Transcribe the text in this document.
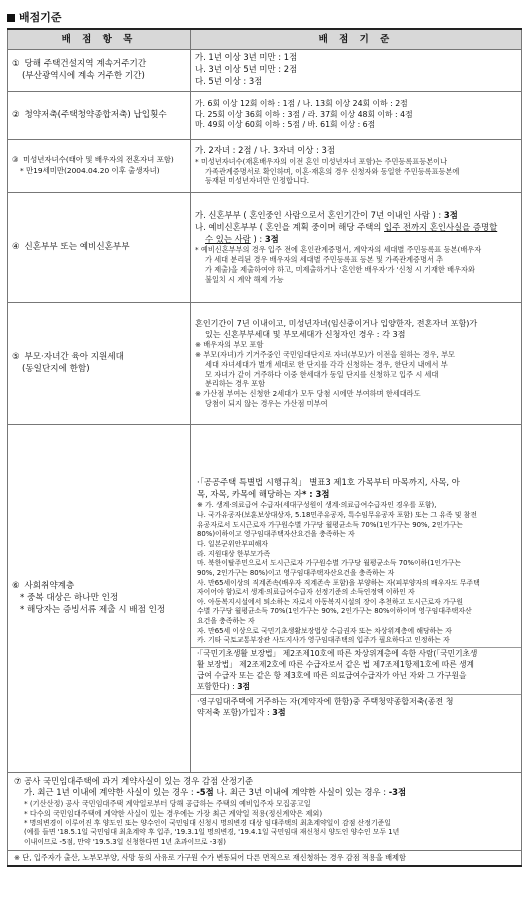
배점기준
배 점 항 목	배 점 기 준

① 당해 주택건설지역 계속거주기간
(부산광역시에 계속 거주한 기간)

가. 1년 이상 3년 미만 : 1점
나. 3년 이상 5년 미만 : 2점
다. 5년 이상 : 3점

② 청약저축(주택청약종합저축) 납입횟수	
가. 6회 이상 12회 이하 : 1점 / 나. 13회 이상 24회 이하 : 2점
다. 25회 이상 36회 이하 : 3점 / 라. 37회 이상 48회 이하 : 4점
마. 49회 이상 60회 이하 : 5점 / 바. 61회 이상 : 6점

③ 미성년자녀수(태아 및 배우자의 전혼자녀 포함)
* 만19세미만(2004.04.20 이후 출생자녀)

가. 2자녀 : 2점 / 나. 3자녀 이상 : 3점
* 미성년자녀수(재혼배우자의 이전 혼인 미성년자녀 포함)는 주민등록표등본이나
가족관계증명서로 확인하며, 이혼·재혼의 경우 신청자와 동일한 주민등록표등본에
등재된 미성년자녀만 인정합니다.

④ 신혼부부 또는 예비신혼부부	
가. 신혼부부 ( 혼인중인 사람으로서 혼인기간이 7년 이내인 사람 ) : 3점
나. 예비신혼부부 ( 혼인을 계획 중이며 해당 주택의 입주 전까지 혼인사실을 증명할
수 있는 사람 ) : 3점
* 예비신혼부부의 경우 입주 전에 혼인관계증명서, 계약자의 세대별 주민등록표 등본(배우자
가 세대 분리된 경우 배우자의 세대별 주민등록표 등본 및 가족관계증명서 추
가 제출)을 제출하여야 하고, 미제출하거나 '혼인한 배우자'가 '신청 시 기재한 배우자와
불일치 시 계약 해제 가능

⑤ 부모·자녀간 육아 지원세대
(동일단지에 한함)

혼인기간이 7년 이내이고, 미성년자녀(임신중이거나 입양한자, 전혼자녀 포함)가
있는 신혼부부세대 및 부모세대가 신청자인 경우 : 각 3점
※ 배우자의 부모 포함
※ 부모(자녀)가 기거주중인 국민임대단지로 자녀(부모)가 이전을 원하는 경우, 부모
세대 자녀세대가 별개 세대로 한 단지를 각각 신청하는 경우, 한단지 내에서 부
모 자녀가 같이 거주하다 이중 한세대가 동일 단지를 신청하고 입주 시 세대
분리하는 경우 포함
※ 가산점 부여는 신청한 2세대가 모두 당첨 시에만 부여하며 한세대라도
당첨이 되지 않는 경우는 가산점 미부여

⑥ 사회취약계층
* 중복 대상은 하나만 인정
* 해당자는 증빙서류 제출 시 배점 인정

·「공공주택 특별법 시행규칙」 별표3 제1호 가목부터 마목까지, 사목, 아
목, 자목, 카목에 해당하는 자* : 3점
※ 가. 생계·의료급여 수급자(세대구성원이 생계·의료급여수급자인 경우를 포함),
나. 국가유공자(보훈보상대상자, 5.18민주유공자, 특수임무유공자 포함) 또는 그 유족 및 참전
유공자로서 도시근로자 가구원수별 가구당 월평균소득 70%(1인가구는 90%, 2인가구는
80%)이하이고 영구임대주택자산요건을 충족하는 자
다. 일본군위안부피해자
라. 지원대상 한부모가족
마. 북한이탈주민으로서 도시근로자 가구원수별 가구당 월평균소득 70%이하(1인가구는
90%, 2인가구는 80%)이고 영구임대주택자산요건을 충족하는 자
사. 만65세이상의 직계존속(배우자 직계존속 포함)을 부양하는 자(피부양자의 배우자도 무주택
자이어야 함)로서 생계·의료급여수급자 선정기준의 소득인정액 이하인 자
아. 아동복지시설에서 퇴소하는 자로서 아동복지시설의 장이 추천하고 도시근로자 가구원
수별 가구당 월평균소득 70%(1인가구는 90%, 2인가구는 80%이하이며 영구임대주택자산
요건을 충족하는 자
자. 만65세 이상으로 국민기초생활보장법상 수급권자 또는 차상위계층에 해당하는 자
카. 기타 국토교통부장관 사도지사가 영구임대주택의 입주가 필요하다고 인정하는 자

·「국민기초생활 보장법」 제2조제10호에 따른 차상위계층에 속한 사람(「국민기초생
활 보장법」 제2조제2호에 따른 수급자로서 같은 법 제7조제1항제1호에 따른 생계
급여 수급자 또는 같은 항 제3호에 따른 의료급여수급자가 아닌 자와 그 가구원을
포함한다) : 3점

·영구임대주택에 거주하는 자(계약자에 한함)중 주택청약종합저축(종전 청
약저축 포함)가입자 : 3점

⑦ 공사 국민임대주택에 과거 계약사실이 있는 경우 감점 산정기준
가. 최근 1년 이내에 계약한 사실이 있는 경우 : -5점 나. 최근 3년 이내에 계약한 사실이 있는 경우 : -3점
* (기산산정) 공사 국민임대주택 계약일로부터 당해 공급하는 주택의 예비입주자 모집공고일
* 다수의 국민임대주택에 계약한 사실이 있는 경우에는 가장 최근 계약일 적용(정신계약은 제외)
* 명의변경이 이루어진 후 양도인 또는 양수인이 국민임대 신청시 명의변경 대상 임대주택의 최초계약일이 감점 산정기준일
(예를 들면 '18.5.1일 국민임대 최초계약 후 입주, '19.3.1일 명의변경, '19.4.1일 국민임대 재신청시 양도인 양수인 모두 1년
이내이므로 -5점, 만약 '19.5.3일 신청한다면 1년 초과이므로 -3점)

※ 단, 입주자가 출산, 노부모부양, 사망 등의 사유로 가구원 수가 변동되어 다른 면적으로 재신청하는 경우 감점 적용을 배제함
